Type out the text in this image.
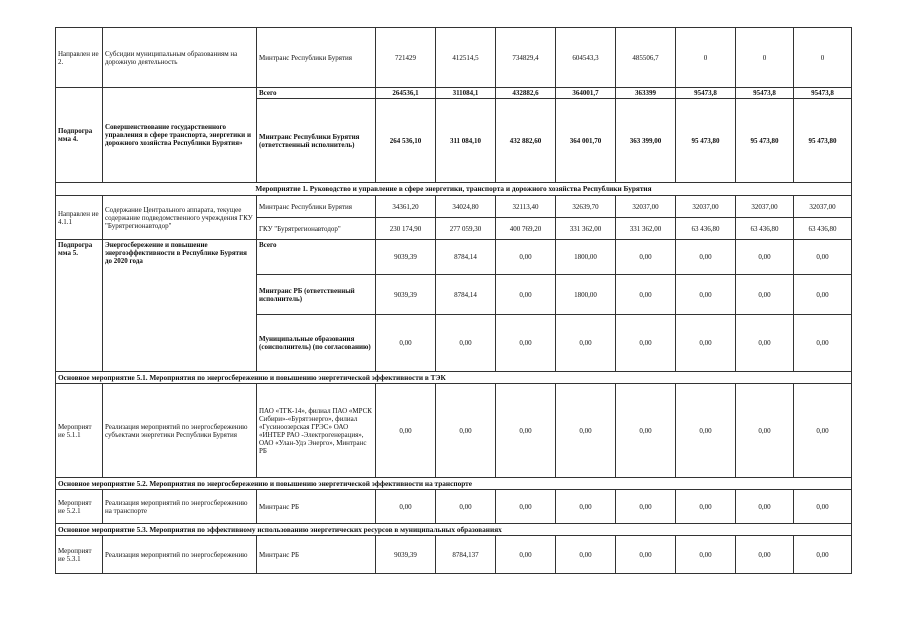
Направлен ие 2.	Субсидии муниципальным образованиям на дорожную деятельность	Минтранс Республики Бурятия	721429	412514,5	734829,4	604543,3	485506,7	0	0	0
Подпрогра мма 4.	Совершенствование государственного управления в сфере транспорта, энергетики и дорожного хозяйства Республики Бурятия»	Всего	264536,1	311084,1	432882,6	364001,7	363399	95473,8	95473,8	95473,8
		Минтранс Республики Бурятия (ответственный исполнитель)	264 536,10	311 084,10	432 882,60	364 001,70	363 399,00	95 473,80	95 473,80	95 473,80
Мероприятие 1. Руководство и управление в сфере энергетики, транспорта и дорожного хозяйства Республики Бурятия										
Направлен ие 4.1.1	Содержание Центрального аппарата, текущее содержание подведомственного учреждения ГКУ "Бурятрегионавтодор"	Минтранс Республики Бурятия	34361,20	34024,80	32113,40	32639,70	32037,00	32037,00	32037,00	32037,00
		ГКУ "Бурятрегионавтодор"	230 174,90	277 059,30	400 769,20	331 362,00	331 362,00	63 436,80	63 436,80	63 436,80
Подпрогра мма 5.	Энергосбережение и повышение энергоэффективности в Республике Бурятия до 2020 года	Всего	9039,39	8784,14	0,00	1800,00	0,00	0,00	0,00	0,00
		Минтранс РБ (ответственный исполнитель)	9039,39	8784,14	0,00	1800,00	0,00	0,00	0,00	0,00
		Муниципальные образования (соисполнитель) (по согласованию)	0,00	0,00	0,00	0,00	0,00	0,00	0,00	0,00
Основное мероприятие 5.1. Мероприятия по энергосбережению и повышению энергетической эффективности в ТЭК										
Мероприят ие 5.1.1	Реализация мероприятий по энергосбережению субъектами энергетики Республики Бурятия	ПАО «ТГК-14», филиал ПАО «МРСК Сибири»-«Бурятэнерго», филиал «Гусиноозерская ГРЭС» ОАО «ИНТЕР РАО -Электрогенерация», ОАО «Улан-Удэ Энерго», Минтранс РБ	0,00	0,00	0,00	0,00	0,00	0,00	0,00	0,00
Основное мероприятие 5.2. Мероприятия по энергосбережению и повышению энергетической эффективности на транспорте										
Мероприят ие 5.2.1	Реализация мероприятий по энергосбережению на транспорте	Минтранс РБ	0,00	0,00	0,00	0,00	0,00	0,00	0,00	0,00
Основное мероприятие 5.3. Мероприятия по эффективному использованию энергетических ресурсов в муниципальных образованиях										
Мероприят ие 5.3.1	Реализация мероприятий по энергосбережению	Минтранс РБ	9039,39	8784,137	0,00	0,00	0,00	0,00	0,00	0,00
